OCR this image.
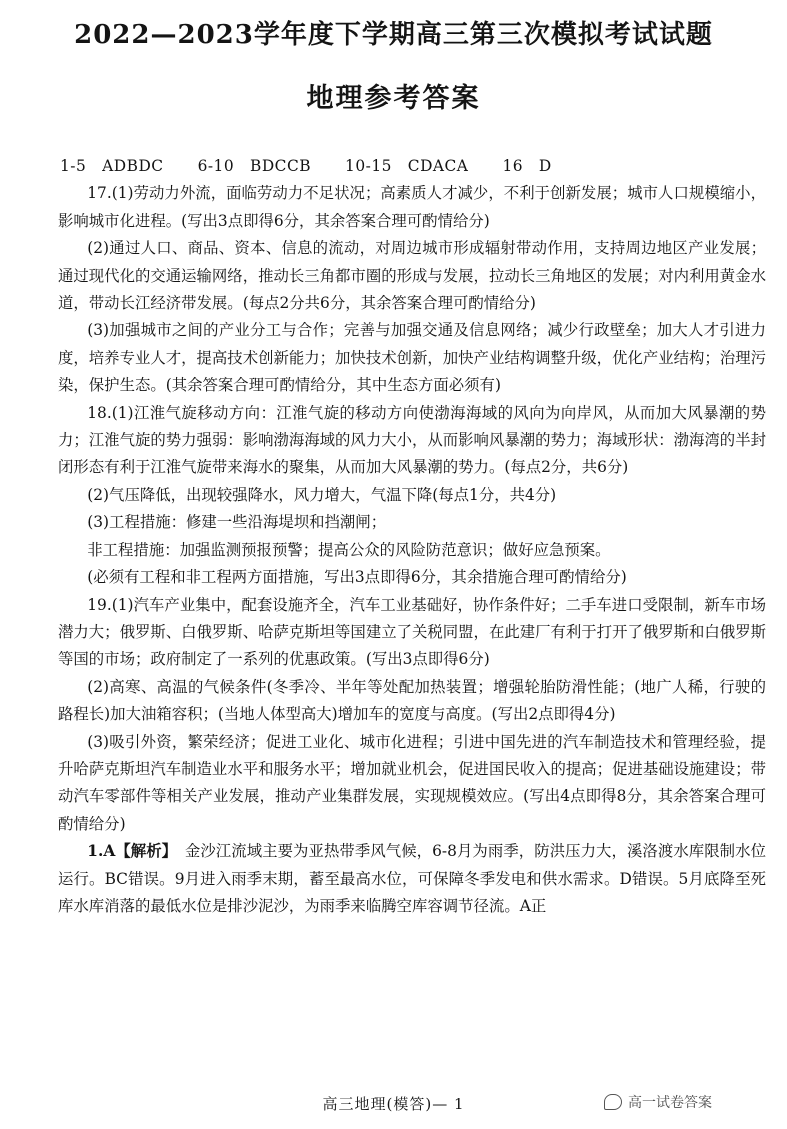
2022—2023学年度下学期高三第三次模拟考试试题
地理参考答案

1-5　ADBDC 6-10　BDCCB 10-15　CDACA 16　D

17.(1)劳动力外流，面临劳动力不足状况；高素质人才减少，不利于创新发展；城市人口规模缩小，影响城市化进程。(写出3点即得6分，其余答案合理可酌情给分)

(2)通过人口、商品、资本、信息的流动，对周边城市形成辐射带动作用，支持周边地区产业发展；通过现代化的交通运输网络，推动长三角都市圈的形成与发展，拉动长三角地区的发展；对内利用黄金水道，带动长江经济带发展。(每点2分共6分，其余答案合理可酌情给分)

(3)加强城市之间的产业分工与合作；完善与加强交通及信息网络；减少行政壁垒；加大人才引进力度，培养专业人才，提高技术创新能力；加快技术创新，加快产业结构调整升级，优化产业结构；治理污染，保护生态。(其余答案合理可酌情给分，其中生态方面必须有)

18.(1)江淮气旋移动方向：江淮气旋的移动方向使渤海海域的风向为向岸风，从而加大风暴潮的势力；江淮气旋的势力强弱：影响渤海海域的风力大小，从而影响风暴潮的势力；海域形状：渤海湾的半封闭形态有利于江淮气旋带来海水的聚集，从而加大风暴潮的势力。(每点2分，共6分)

(2)气压降低，出现较强降水，风力增大，气温下降(每点1分，共4分)

(3)工程措施：修建一些沿海堤坝和挡潮闸；

非工程措施：加强监测预报预警；提高公众的风险防范意识；做好应急预案。

(必须有工程和非工程两方面措施，写出3点即得6分，其余措施合理可酌情给分)

19.(1)汽车产业集中，配套设施齐全，汽车工业基础好，协作条件好；二手车进口受限制，新车市场潜力大；俄罗斯、白俄罗斯、哈萨克斯坦等国建立了关税同盟，在此建厂有利于打开了俄罗斯和白俄罗斯等国的市场；政府制定了一系列的优惠政策。(写出3点即得6分)

(2)高寒、高温的气候条件(冬季冷、半年等处配加热装置；增强轮胎防滑性能；(地广人稀，行驶的路程长)加大油箱容积；(当地人体型高大)增加车的宽度与高度。(写出2点即得4分)

(3)吸引外资，繁荣经济；促进工业化、城市化进程；引进中国先进的汽车制造技术和管理经验，提升哈萨克斯坦汽车制造业水平和服务水平；增加就业机会，促进国民收入的提高；促进基础设施建设；带动汽车零部件等相关产业发展，推动产业集群发展，实现规模效应。(写出4点即得8分，其余答案合理可酌情给分)

1.A【解析】　 金沙江流域主要为亚热带季风气候，6-8月为雨季，防洪压力大，溪洛渡水库限制水位运行。BC错误。9月进入雨季末期，蓄至最高水位，可保障冬季发电和供水需求。D错误。5月底降至死库水库消落的最低水位是排沙泥沙，为雨季来临腾空库容调节径流。A正

高三地理(模答)— 1	高一试卷答案
